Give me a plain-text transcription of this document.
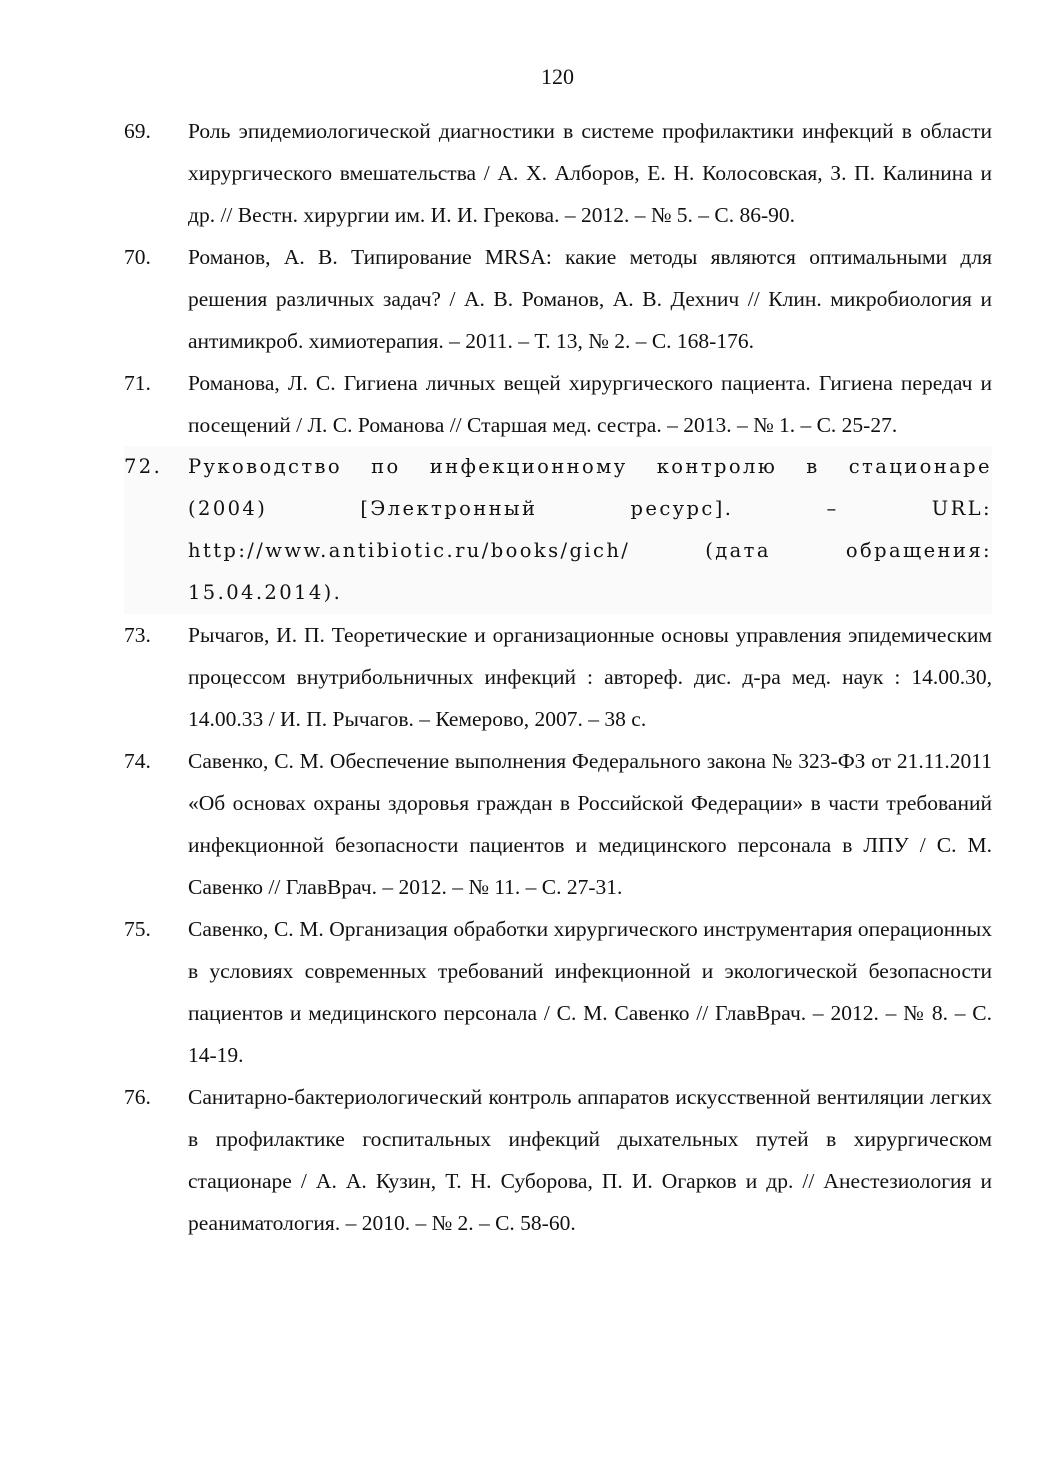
120
69. Роль эпидемиологической диагностики в системе профилактики инфекций в области хирургического вмешательства / А. Х. Алборов, Е. Н. Колосовская, З. П. Калинина и др. // Вестн. хирургии им. И. И. Грекова. – 2012. – № 5. – С. 86-90.
70. Романов, А. В. Типирование MRSA: какие методы являются оптимальными для решения различных задач? / А. В. Романов, А. В. Дехнич // Клин. микробиология и антимикроб. химиотерапия. – 2011. – Т. 13, № 2. – С. 168-176.
71. Романова, Л. С. Гигиена личных вещей хирургического пациента. Гигиена передач и посещений / Л. С. Романова // Старшая мед. сестра. – 2013. – № 1. – С. 25-27.
72. Руководство по инфекционному контролю в стационаре (2004) [Электронный ресурс]. – URL: http://www.antibiotic.ru/books/gich/ (дата обращения: 15.04.2014).
73. Рычагов, И. П. Теоретические и организационные основы управления эпидемическим процессом внутрибольничных инфекций : автореф. дис. д-ра мед. наук : 14.00.30, 14.00.33 / И. П. Рычагов. – Кемерово, 2007. – 38 с.
74. Савенко, С. М. Обеспечение выполнения Федерального закона № 323-ФЗ от 21.11.2011 «Об основах охраны здоровья граждан в Российской Федерации» в части требований инфекционной безопасности пациентов и медицинского персонала в ЛПУ / С. М. Савенко // ГлавВрач. – 2012. – № 11. – С. 27-31.
75. Савенко, С. М. Организация обработки хирургического инструментария операционных в условиях современных требований инфекционной и экологической безопасности пациентов и медицинского персонала / С. М. Савенко // ГлавВрач. – 2012. – № 8. – С. 14-19.
76. Санитарно-бактериологический контроль аппаратов искусственной вентиляции легких в профилактике госпитальных инфекций дыхательных путей в хирургическом стационаре / А. А. Кузин, Т. Н. Суборова, П. И. Огарков и др. // Анестезиология и реаниматология. – 2010. – № 2. – С. 58-60.
